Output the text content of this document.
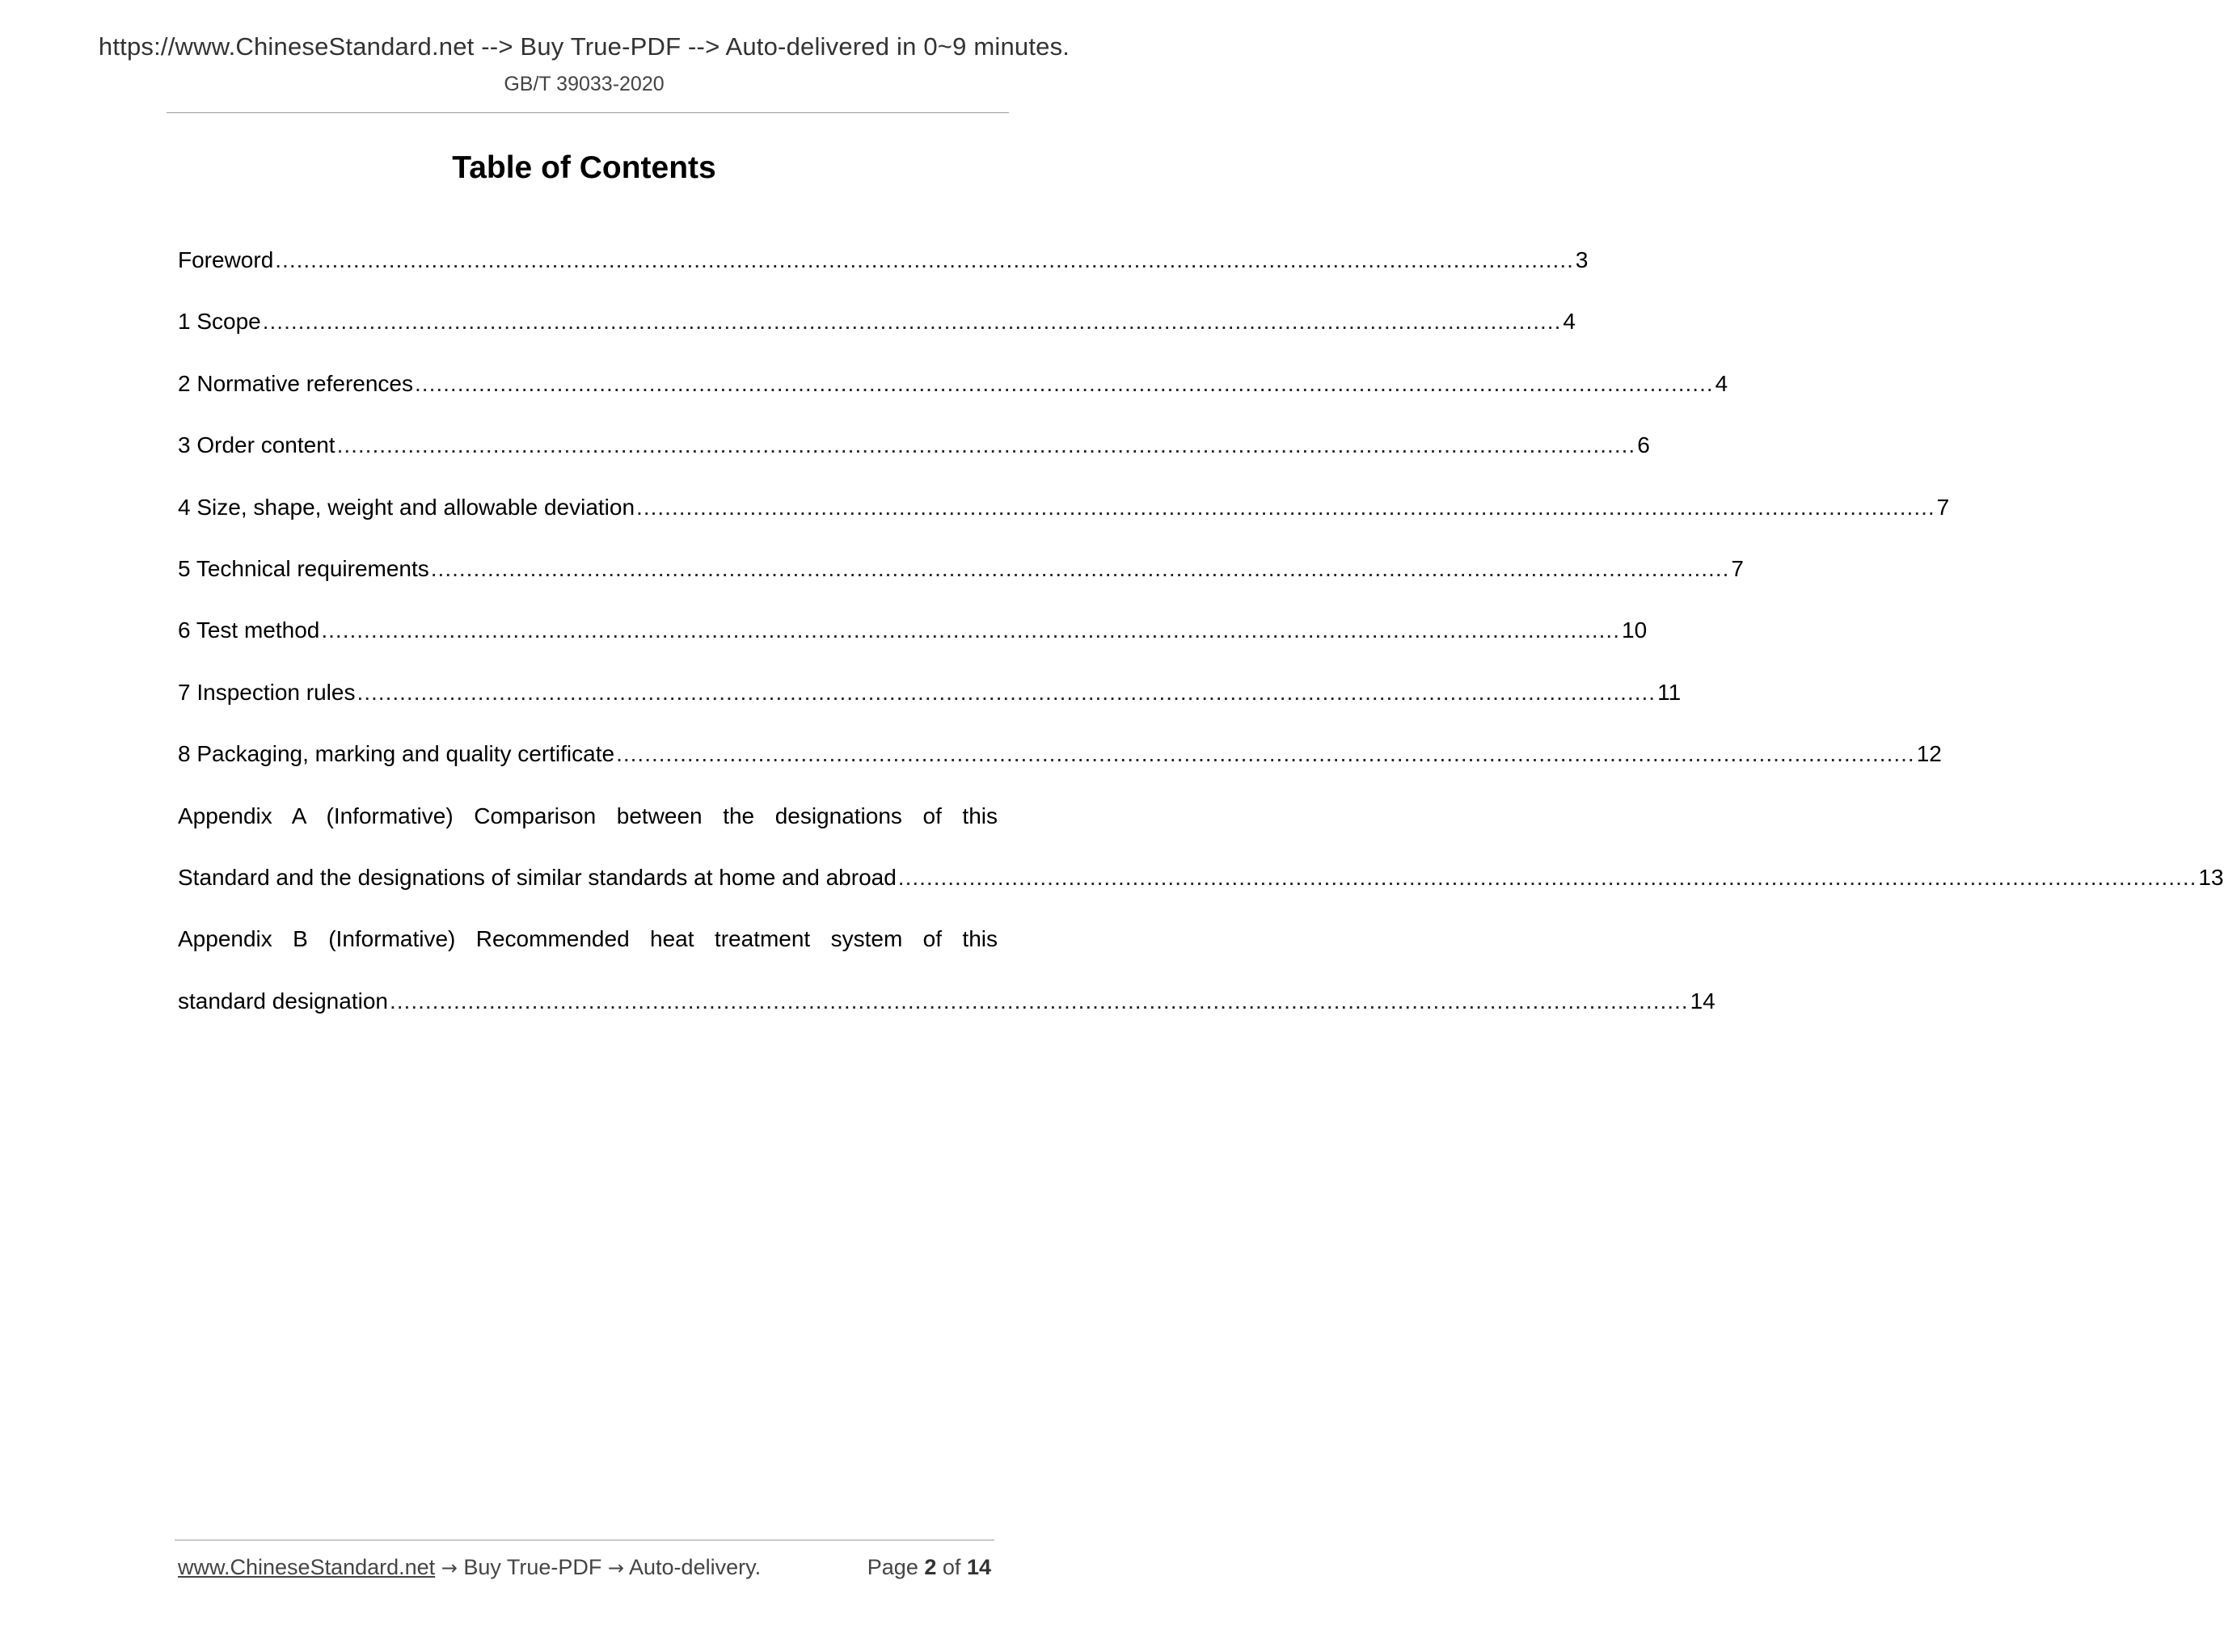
https://www.ChineseStandard.net --> Buy True-PDF --> Auto-delivered in 0~9 minutes.
GB/T 39033-2020
Table of Contents
Foreword ....................................................................................................................................................................................... 3
1 Scope ....................................................................................................................................................................................... 4
2 Normative references ....................................................................................................................................................................................... 4
3 Order content ....................................................................................................................................................................................... 6
4 Size, shape, weight and allowable deviation ....................................................................................................................................................................................... 7
5 Technical requirements ....................................................................................................................................................................................... 7
6 Test method ....................................................................................................................................................................................... 10
7 Inspection rules ....................................................................................................................................................................................... 11
8 Packaging, marking and quality certificate ....................................................................................................................................................................................... 12
Appendix A (Informative) Comparison between the designations of this
Standard and the designations of similar standards at home and abroad ....................................................................................................................................................................................... 13
Appendix B (Informative) Recommended heat treatment system of this
standard designation ....................................................................................................................................................................................... 14
www.ChineseStandard.net → Buy True-PDF → Auto-delivery.	Page 2 of 14
